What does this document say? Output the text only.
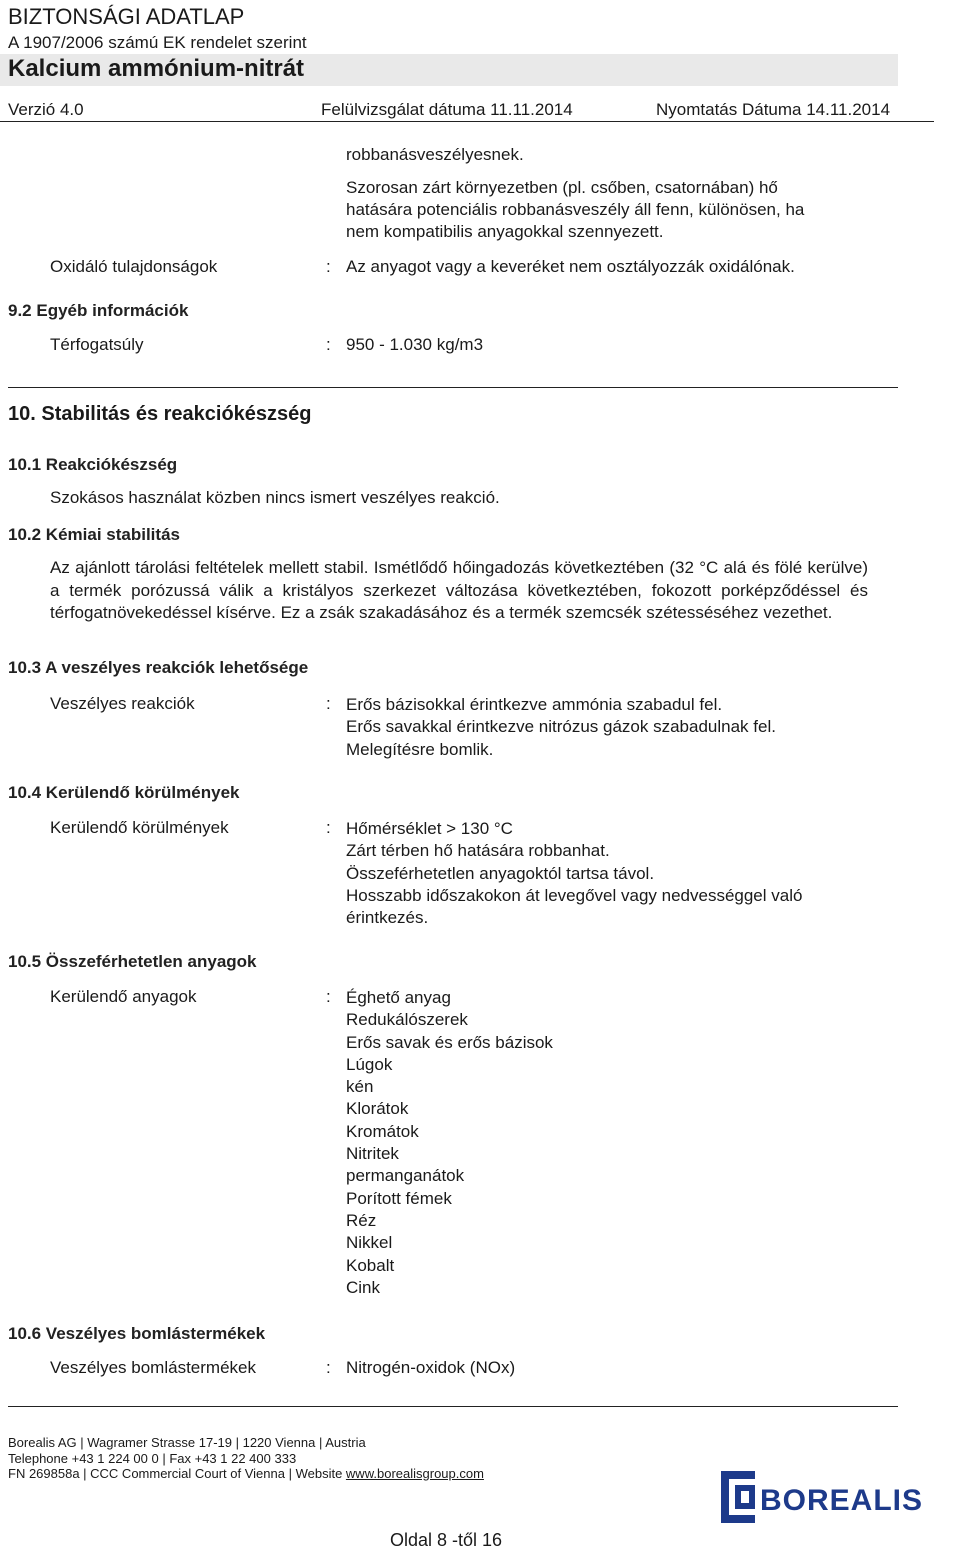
BIZTONSÁGI ADATLAP
A 1907/2006 számú EK rendelet szerint
Kalcium ammónium-nitrát
Verzió 4.0	Felülvizsgálat dátuma 11.11.2014	Nyomtatás Dátuma 14.11.2014
robbanásveszélyesnek.
Szorosan zárt környezetben (pl. csőben, csatornában) hő
hatására potenciális robbanásveszély áll fenn, különösen, ha
nem kompatibilis anyagokkal szennyezett.
Oxidáló tulajdonságok	: Az anyagot vagy a keveréket nem osztályozzák oxidálónak.
9.2 Egyéb információk
Térfogatsúly	: 950 - 1.030 kg/m3
10. Stabilitás és reakciókészség
10.1 Reakciókészség
Szokásos használat közben nincs ismert veszélyes reakció.
10.2 Kémiai stabilitás
Az ajánlott tárolási feltételek mellett stabil. Ismétlődő hőingadozás következtében (32 °C alá és fölé kerülve) a termék porózussá válik a kristályos szerkezet változása következtében, fokozott porképződéssel és térfogatnövekedéssel kísérve. Ez a zsák szakadásához és a termék szemcsék szétesséséhez vezethet.
10.3 A veszélyes reakciók lehetősége
Veszélyes reakciók	: Erős bázisokkal érintkezve ammónia szabadul fel.
Erős savakkal érintkezve nitrózus gázok szabadulnak fel.
Melegítésre bomlik.
10.4 Kerülendő körülmények
Kerülendő körülmények	: Hőmérséklet > 130 °C
Zárt térben hő hatására robbanhat.
Összeférhetetlen anyagoktól tartsa távol.
Hosszabb időszakokon át levegővel vagy nedvességgel való
érintkezés.
10.5 Összeférhetetlen anyagok
Kerülendő anyagok	: Éghető anyag
Redukálószerek
Erős savak és erős bázisok
Lúgok
kén
Klorátok
Kromátok
Nitritek
permanganátok
Porított fémek
Réz
Nikkel
Kobalt
Cink
10.6 Veszélyes bomlástermékek
Veszélyes bomlástermékek	: Nitrogén-oxidok (NOx)
Borealis AG | Wagramer Strasse 17-19 | 1220 Vienna | Austria
Telephone +43 1 224 00 0 | Fax +43 1 22 400 333
FN 269858a | CCC Commercial Court of Vienna | Website www.borealisgroup.com
BOREALIS
Oldal 8 -től 16
